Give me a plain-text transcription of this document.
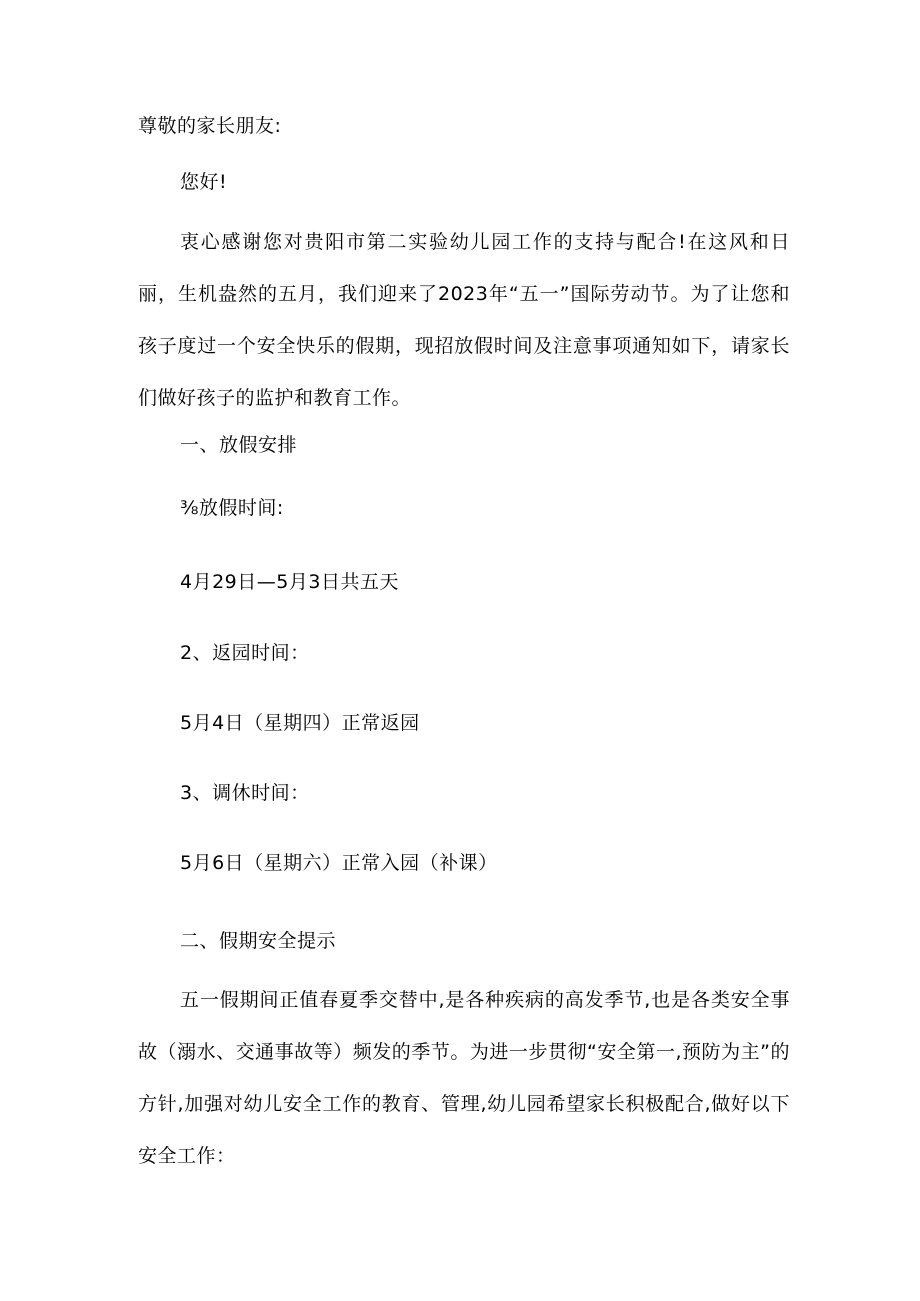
尊敬的家长朋友:
您好!
衷心感谢您对贵阳市第二实验幼儿园工作的支持与配合!在这风和日丽，生机盎然的五月，我们迎来了2023年“五一”国际劳动节。为了让您和孩子度过一个安全快乐的假期，现招放假时间及注意事项通知如下，请家长们做好孩子的监护和教育工作。
一、放假安排
⅜放假时间:
4月29日—5月3日共五天
2、返园时间：
5月4日（星期四）正常返园
3、调休时间：
5月6日（星期六）正常入园（补课）
二、假期安全提示
五一假期间正值春夏季交替中,是各种疾病的高发季节,也是各类安全事故（溺水、交通事故等）频发的季节。为进一步贯彻“安全第一,预防为主”的方针,加强对幼儿安全工作的教育、管理,幼儿园希望家长积极配合,做好以下安全工作：
